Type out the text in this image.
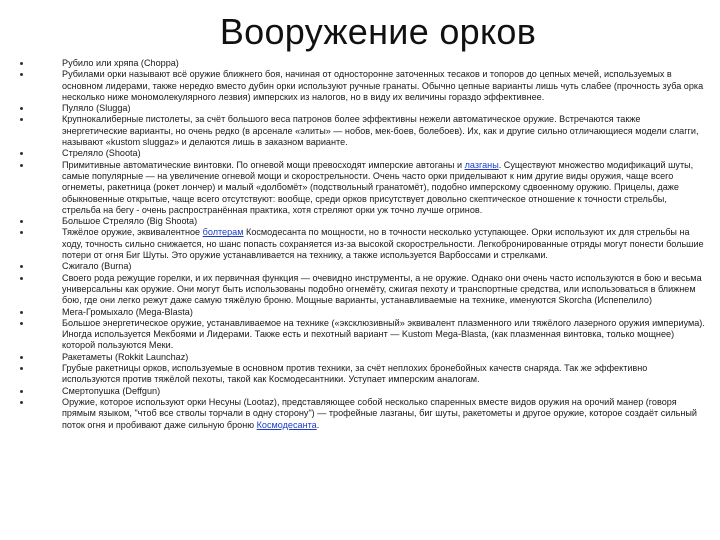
Вооружение орков
Рубило или хряпа (Choppa)
Рубилами орки называют всё оружие ближнего боя, начиная от односторонне заточенных тесаков и топоров до цепных мечей, используемых в основном лидерами, также нередко вместо дубин орки используют ручные гранаты. Обычно цепные варианты лишь чуть слабее (прочность зуба орка несколько ниже мономолекулярного лезвия) имперских из налогов, но в виду их величины гораздо эффективнее.
Пуляло (Slugga)
Крупнокалиберные пистолеты, за счёт большого веса патронов более эффективны нежели автоматическое оружие. Встречаются также энергетические варианты, но очень редко (в арсенале «элиты» — нобов, мек-боев, болебоев). Их, как и другие сильно отличающиеся модели слагги, называют «kustom sluggaz» и делаются лишь в заказном варианте.
Стреляло (Shoota)
Примитивные автоматические винтовки. По огневой мощи превосходят имперские автоганы и лазганы. Существуют множество модификаций шуты, самые популярные — на увеличение огневой мощи и скорострельности. Очень часто орки приделывают к ним другие виды оружия, чаще всего огнеметы, ракетница (рокет лончер) и малый «долбомёт» (подствольный гранатомёт), подобно имперскому сдвоенному оружию. Прицелы, даже обыкновенные открытые, чаще всего отсутствуют: вообще, среди орков присутствует довольно скептическое отношение к точности стрельбы, стрельба на бегу - очень распространённая практика, хотя стреляют орки уж точно лучше огринов.
Большое Стреляло (Big Shoota)
Тяжёлое оружие, эквивалентное болтерам Космодесанта по мощности, но в точности несколько уступающее. Орки используют их для стрельбы на ходу, точность сильно снижается, но шанс попасть сохраняется из-за высокой скорострельности. Легкобронированные отряды могут понести большие потери от огня Биг Шуты. Это оружие устанавливается на технику, а также используется Варбоссами и стрелками.
Сжигало (Burna)
Своего рода режущие горелки, и их первичная функция — очевидно инструменты, а не оружие. Однако они очень часто используются в бою и весьма универсальны как оружие. Они могут быть использованы подобно огнемёту, сжигая пехоту и транспортные средства, или использоваться в ближнем бою, где они легко режут даже самую тяжёлую броню. Мощные варианты, устанавливаемые на технике, именуются Skorcha (Испепелило)
Мега-Громыхало (Mega-Blasta)
Большое энергетическое оружие, устанавливаемое на технике («эксклюзивный» эквивалент плазменного или тяжёлого лазерного оружия империума). Иногда используется Мекбоями и Лидерами. Также есть и пехотный вариант — Kustom Mega-Blasta, (как плазменная винтовка, только мощнее) которой пользуются Меки.
Ракетаметы (Rokkit Launchaz)
Грубые ракетницы орков, используемые в основном против техники, за счёт неплохих бронебойных качеств снаряда. Так же эффективно используются против тяжёлой пехоты, такой как Космодесантники. Уступает имперским аналогам.
Смертопушка (Deffgun)
Оружие, которое используют орки Несуны (Lootaz), представляющее собой несколько спаренных вместе видов оружия на орочий манер (говоря прямым языком, "чтоб все стволы торчали в одну сторону") — трофейные лазганы, биг шуты, ракетометы и другое оружие, которое создаёт сильный поток огня и пробивают даже сильную броню Космодесанта.
